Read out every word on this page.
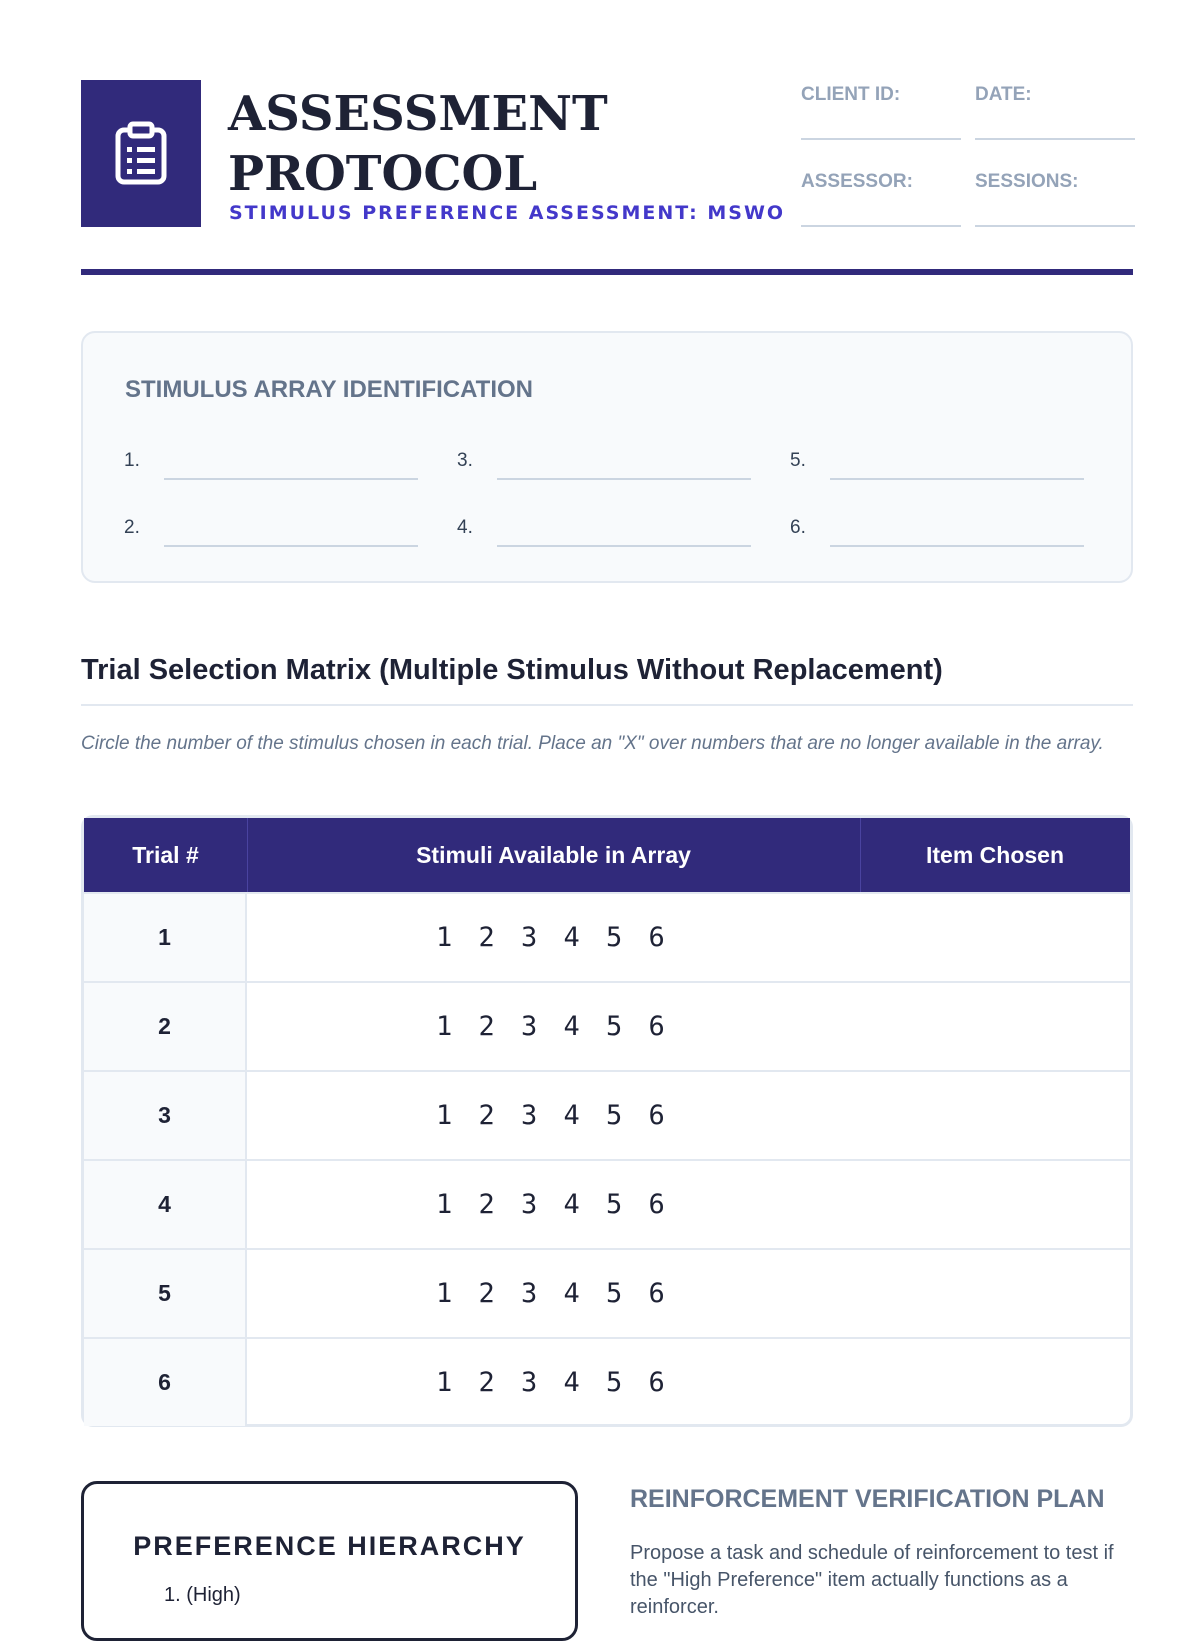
ASSESSMENT
PROTOCOL
STIMULUS PREFERENCE ASSESSMENT: MSWO
CLIENT ID:	DATE:
ASSESSOR:	SESSIONS:
STIMULUS ARRAY IDENTIFICATION
1.
2.
3.
4.
5.
6.
Trial Selection Matrix (Multiple Stimulus Without Replacement)
Circle the number of the stimulus chosen in each trial. Place an "X" over numbers that are no longer available in the array.
Trial #	Stimuli Available in Array	Item Chosen
1	1 2 3 4 5 6
2	1 2 3 4 5 6
3	1 2 3 4 5 6
4	1 2 3 4 5 6
5	1 2 3 4 5 6
6	1 2 3 4 5 6
PREFERENCE HIERARCHY
1. (High)
REINFORCEMENT VERIFICATION PLAN
Propose a task and schedule of reinforcement to test if the "High Preference" item actually functions as a reinforcer.
